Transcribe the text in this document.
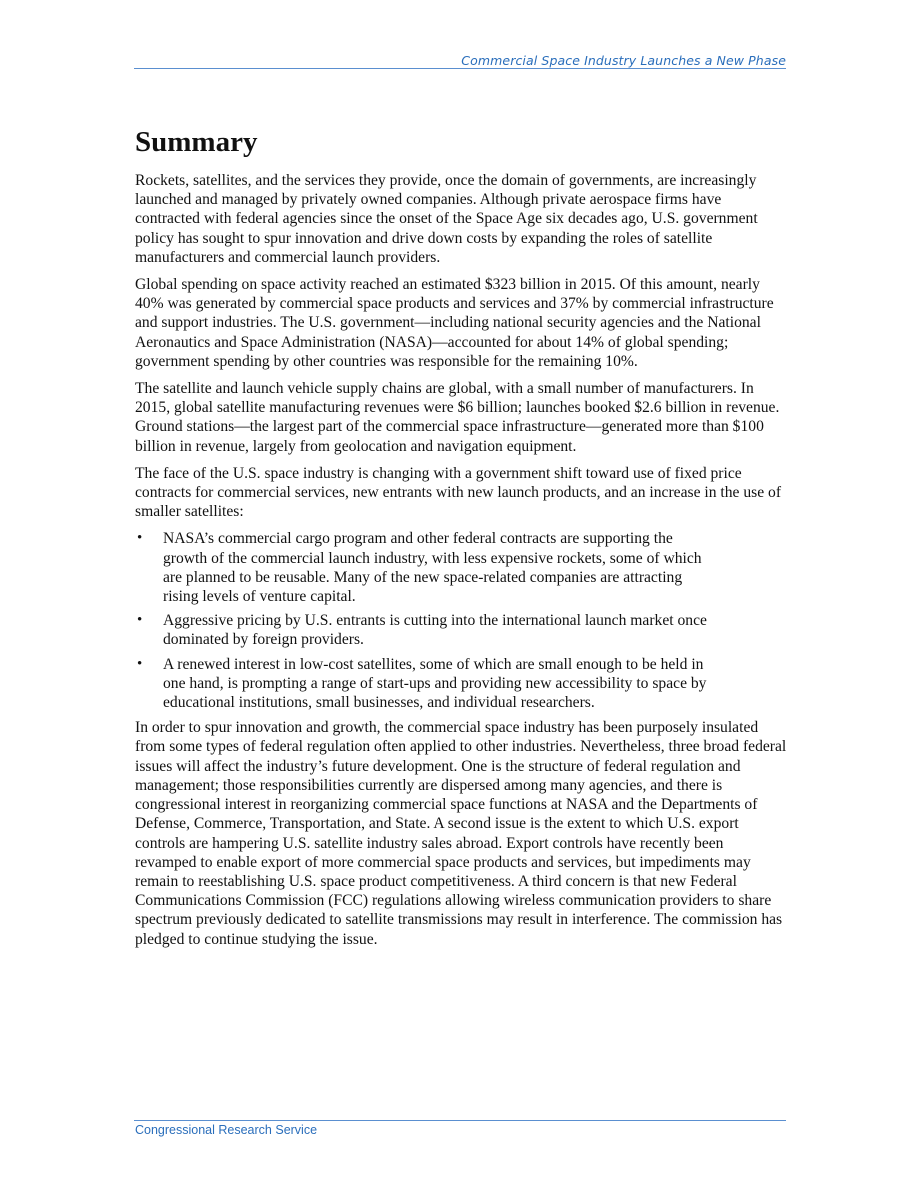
Commercial Space Industry Launches a New Phase
Summary

Rockets, satellites, and the services they provide, once the domain of governments, are increasingly launched and managed by privately owned companies. Although private aerospace firms have contracted with federal agencies since the onset of the Space Age six decades ago, U.S. government policy has sought to spur innovation and drive down costs by expanding the roles of satellite manufacturers and commercial launch providers.

Global spending on space activity reached an estimated $323 billion in 2015. Of this amount, nearly 40% was generated by commercial space products and services and 37% by commercial infrastructure and support industries. The U.S. government—including national security agencies and the National Aeronautics and Space Administration (NASA)—accounted for about 14% of global spending; government spending by other countries was responsible for the remaining 10%.

The satellite and launch vehicle supply chains are global, with a small number of manufacturers. In 2015, global satellite manufacturing revenues were $6 billion; launches booked $2.6 billion in revenue. Ground stations—the largest part of the commercial space infrastructure—generated more than $100 billion in revenue, largely from geolocation and navigation equipment.

The face of the U.S. space industry is changing with a government shift toward use of fixed price contracts for commercial services, new entrants with new launch products, and an increase in the use of smaller satellites:

• NASA’s commercial cargo program and other federal contracts are supporting the growth of the commercial launch industry, with less expensive rockets, some of which are planned to be reusable. Many of the new space-related companies are attracting rising levels of venture capital.
• Aggressive pricing by U.S. entrants is cutting into the international launch market once dominated by foreign providers.
• A renewed interest in low-cost satellites, some of which are small enough to be held in one hand, is prompting a range of start-ups and providing new accessibility to space by educational institutions, small businesses, and individual researchers.

In order to spur innovation and growth, the commercial space industry has been purposely insulated from some types of federal regulation often applied to other industries. Nevertheless, three broad federal issues will affect the industry’s future development. One is the structure of federal regulation and management; those responsibilities currently are dispersed among many agencies, and there is congressional interest in reorganizing commercial space functions at NASA and the Departments of Defense, Commerce, Transportation, and State. A second issue is the extent to which U.S. export controls are hampering U.S. satellite industry sales abroad. Export controls have recently been revamped to enable export of more commercial space products and services, but impediments may remain to reestablishing U.S. space product competitiveness. A third concern is that new Federal Communications Commission (FCC) regulations allowing wireless communication providers to share spectrum previously dedicated to satellite transmissions may result in interference. The commission has pledged to continue studying the issue.

Congressional Research Service
